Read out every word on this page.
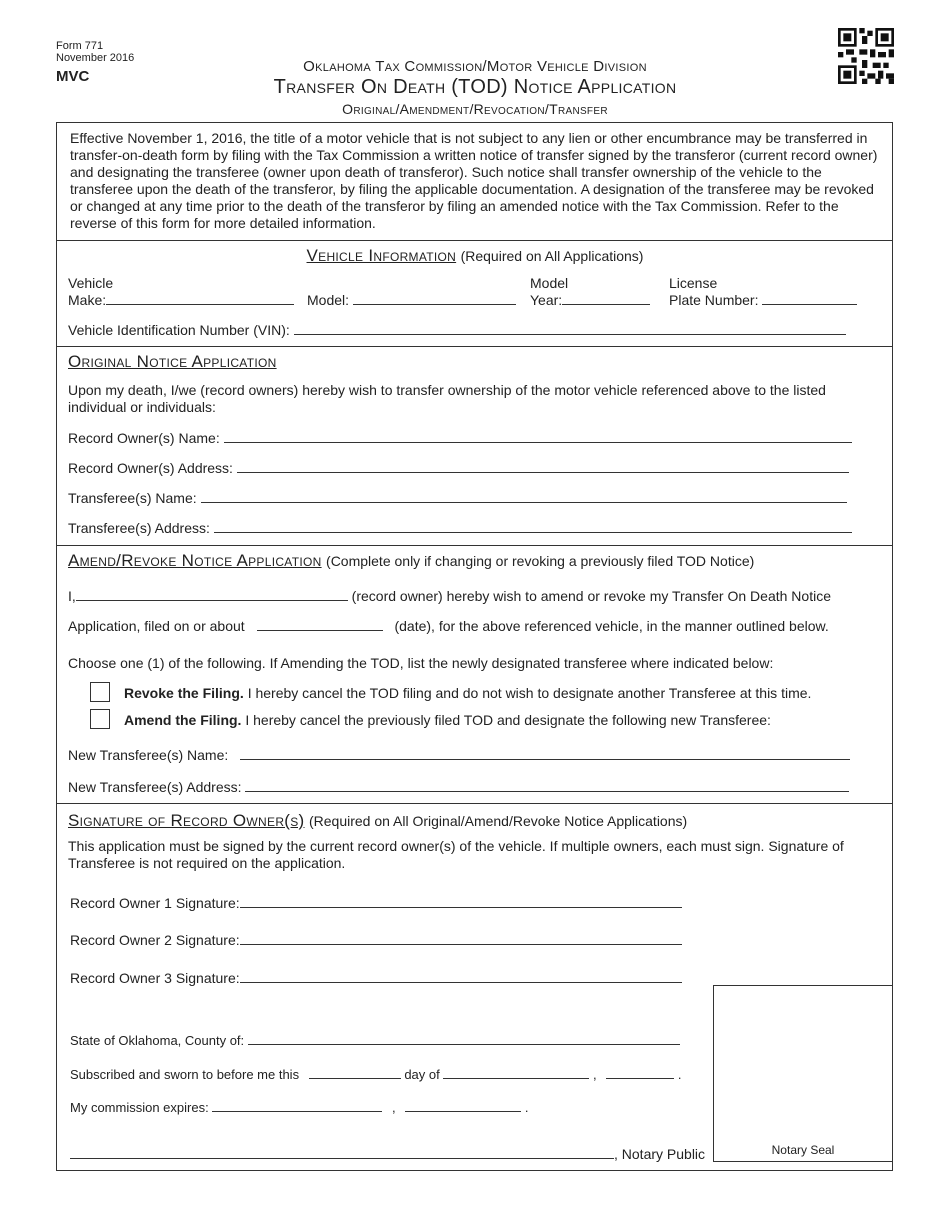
Form 771
November 2016
MVC
Oklahoma Tax Commission/Motor Vehicle Division
Transfer On Death (TOD) Notice Application
Original/Amendment/Revocation/Transfer
Effective November 1, 2016, the title of a motor vehicle that is not subject to any lien or other encumbrance may be transferred in transfer-on-death form by filing with the Tax Commission a written notice of transfer signed by the transferor (current record owner) and designating the transferee (owner upon death of transferor). Such notice shall transfer ownership of the vehicle to the transferee upon the death of the transferor, by filing the applicable documentation. A designation of the transferee may be revoked or changed at any time prior to the death of the transferor by filing an amended notice with the Tax Commission. Refer to the reverse of this form for more detailed information.
Vehicle Information (Required on All Applications)
Vehicle
Make:	Model:
Model
Year:
License
Plate Number:
Vehicle Identification Number (VIN):
Original Notice Application
Upon my death, I/we (record owners) hereby wish to transfer ownership of the motor vehicle referenced above to the listed individual or individuals:
Record Owner(s) Name:
Record Owner(s) Address:
Transferee(s) Name:
Transferee(s) Address:
Amend/Revoke Notice Application (Complete only if changing or revoking a previously filed TOD Notice)
I,	(record owner) hereby wish to amend or revoke my Transfer On Death Notice
Application, filed on or about	(date), for the above referenced vehicle, in the manner outlined below.
Choose one (1) of the following. If Amending the TOD, list the newly designated transferee where indicated below:
Revoke the Filing. I hereby cancel the TOD filing and do not wish to designate another Transferee at this time.
Amend the Filing. I hereby cancel the previously filed TOD and designate the following new Transferee:
New Transferee(s) Name:
New Transferee(s) Address:
Signature of Record Owner(s) (Required on All Original/Amend/Revoke Notice Applications)
This application must be signed by the current record owner(s) of the vehicle. If multiple owners, each must sign. Signature of Transferee is not required on the application.
Record Owner 1 Signature:
Record Owner 2 Signature:
Record Owner 3 Signature:
State of Oklahoma, County of:
Subscribed and sworn to before me this	day of	,	.
My commission expires:	,	.
, Notary Public	Notary Seal
